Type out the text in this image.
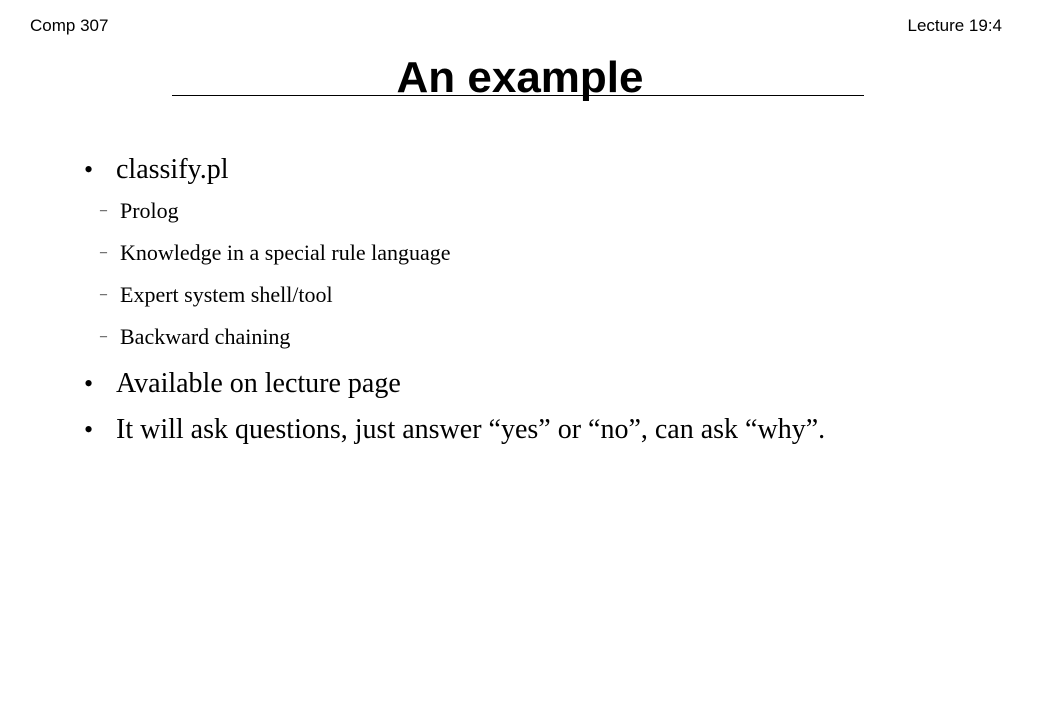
Comp 307	Lecture 19:4
An example
• classify.pl
– Prolog
– Knowledge in a special rule language
– Expert system shell/tool
– Backward chaining
• Available on lecture page
• It will ask questions, just answer “yes” or “no”, can ask “why”.
